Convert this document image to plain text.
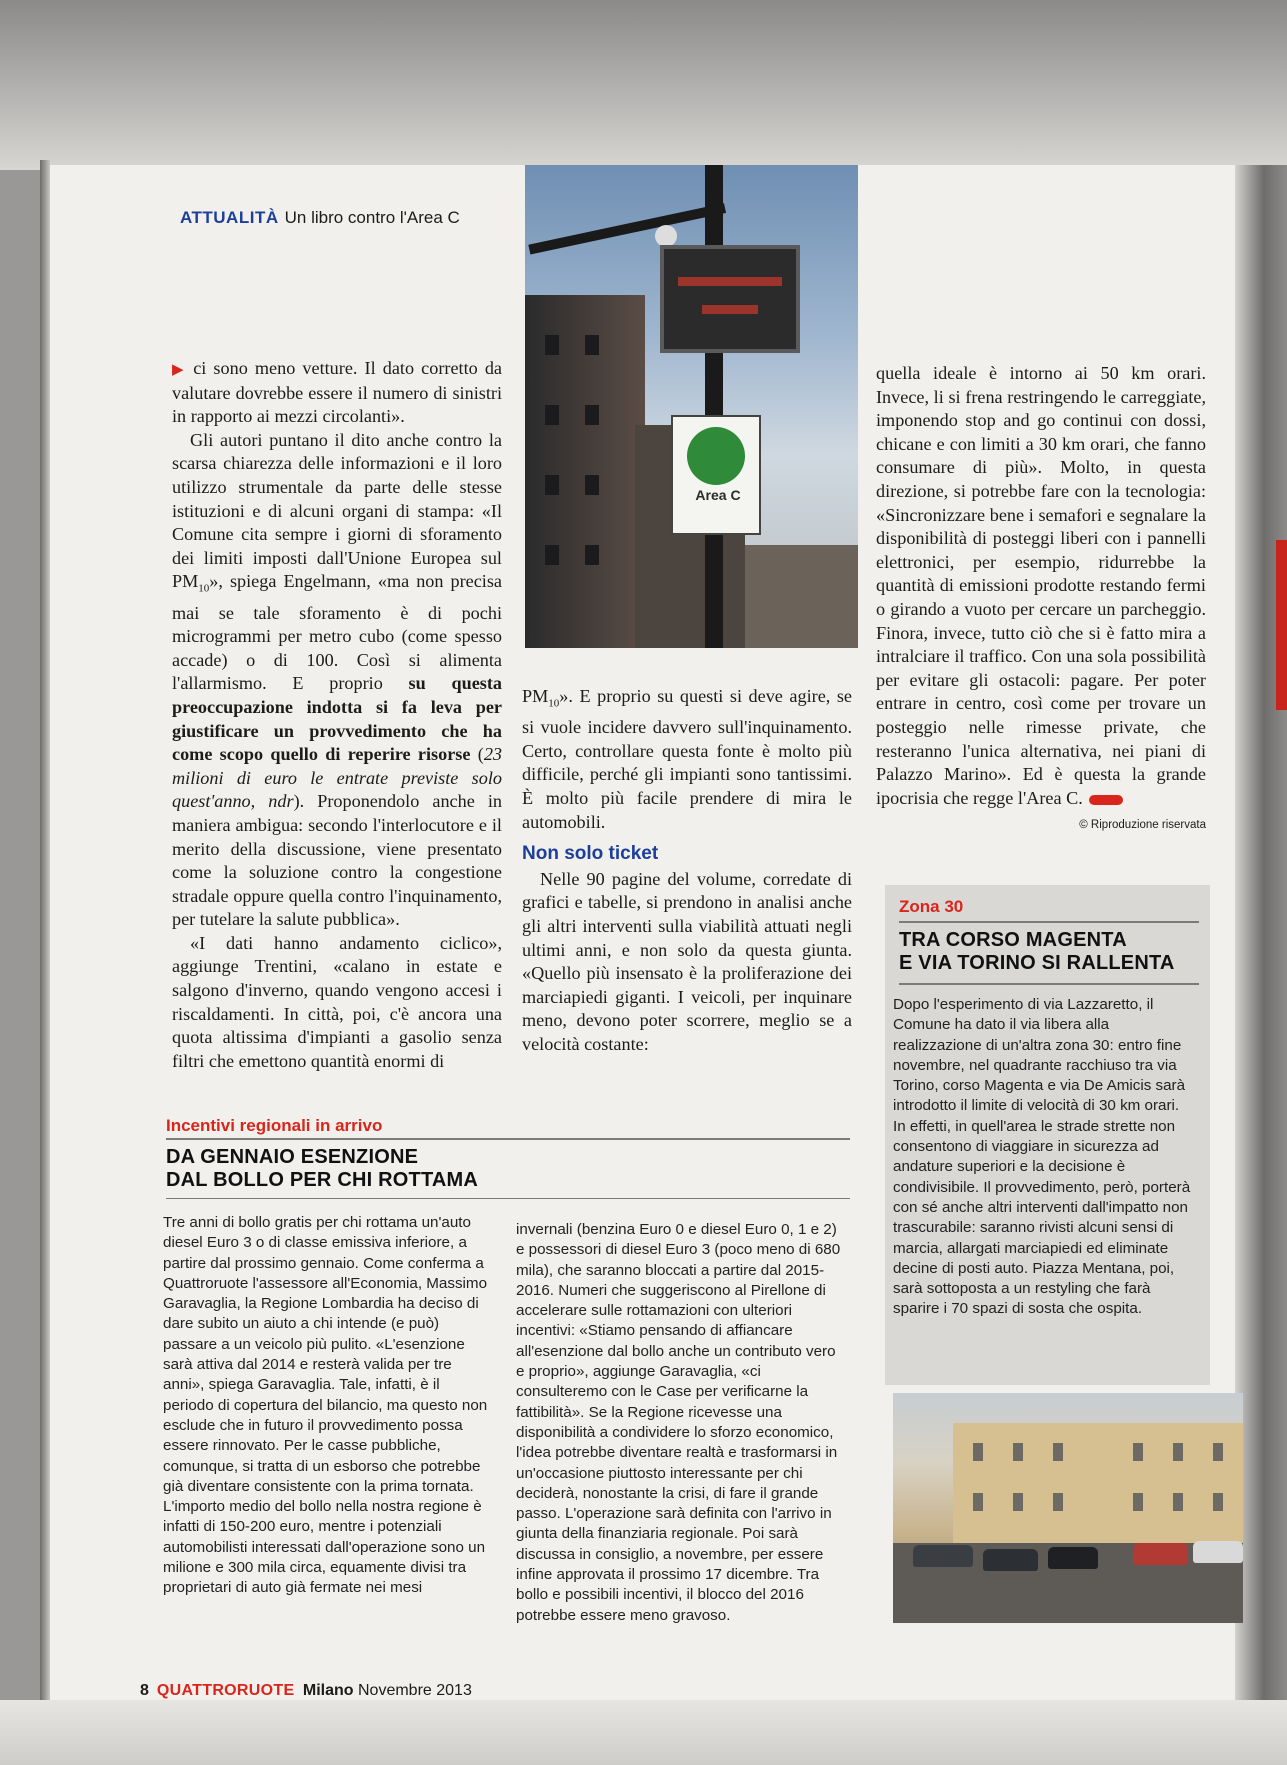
ATTUALITÀ Un libro contro l'Area C
Area C

▶ ci sono meno vetture. Il dato corretto da valutare dovrebbe essere il numero di sinistri in rapporto ai mezzi circolanti».

Gli autori puntano il dito anche contro la scarsa chiarezza delle informazioni e il loro utilizzo strumentale da parte delle stesse istituzioni e di alcuni organi di stampa: «Il Comune cita sempre i giorni di sforamento dei limiti imposti dall'Unione Europea sul $PM_{10}$», spiega Engelmann, «ma non precisa mai se tale sforamento è di pochi microgrammi per metro cubo (come spesso accade) o di 100. Così si alimenta l'allarmismo. E proprio su questa preoccupazione indotta si fa leva per giustificare un provvedimento che ha come scopo quello di reperire risorse (23 milioni di euro le entrate previste solo quest'anno, ndr). Proponendolo anche in maniera ambigua: secondo l'interlocutore e il merito della discussione, viene presentato come la soluzione contro la congestione stradale oppure quella contro l'inquinamento, per tutelare la salute pubblica».

«I dati hanno andamento ciclico», aggiunge Trentini, «calano in estate e salgono d'inverno, quando vengono accesi i riscaldamenti. In città, poi, c'è ancora una quota altissima d'impianti a gasolio senza filtri che emettono quantità enormi di

$PM_{10}$». E proprio su questi si deve agire, se si vuole incidere davvero sull'inquinamento. Certo, controllare questa fonte è molto più difficile, perché gli impianti sono tantissimi. È molto più facile prendere di mira le automobili.

Non solo ticket

Nelle 90 pagine del volume, corredate di grafici e tabelle, si prendono in analisi anche gli altri interventi sulla viabilità attuati negli ultimi anni, e non solo da questa giunta. «Quello più insensato è la proliferazione dei marciapiedi giganti. I veicoli, per inquinare meno, devono poter scorrere, meglio se a velocità costante:

quella ideale è intorno ai 50 km orari. Invece, li si frena restringendo le carreggiate, imponendo stop and go continui con dossi, chicane e con limiti a 30 km orari, che fanno consumare di più». Molto, in questa direzione, si potrebbe fare con la tecnologia: «Sincronizzare bene i semafori e segnalare la disponibilità di posteggi liberi con i pannelli elettronici, per esempio, ridurrebbe la quantità di emissioni prodotte restando fermi o girando a vuoto per cercare un parcheggio. Finora, invece, tutto ciò che si è fatto mira a intralciare il traffico. Con una sola possibilità per evitare gli ostacoli: pagare. Per poter entrare in centro, così come per trovare un posteggio nelle rimesse private, che resteranno l'unica alternativa, nei piani di Palazzo Marino». Ed è questa la grande ipocrisia che regge l'Area C.

© Riproduzione riservata
Zona 30
TRA CORSO MAGENTA
E VIA TORINO SI RALLENTA

Dopo l'esperimento di via Lazzaretto, il Comune ha dato il via libera alla realizzazione di un'altra zona 30: entro fine novembre, nel quadrante racchiuso tra via Torino, corso Magenta e via De Amicis sarà introdotto il limite di velocità di 30 km orari. In effetti, in quell'area le strade strette non consentono di viaggiare in sicurezza ad andature superiori e la decisione è condivisibile. Il provvedimento, però, porterà con sé anche altri interventi dall'impatto non trascurabile: saranno rivisti alcuni sensi di marcia, allargati marciapiedi ed eliminate decine di posti auto. Piazza Mentana, poi, sarà sottoposta a un restyling che farà sparire i 70 spazi di sosta che ospita.

Incentivi regionali in arrivo
DA GENNAIO ESENZIONE
DAL BOLLO PER CHI ROTTAMA

Tre anni di bollo gratis per chi rottama un'auto diesel Euro 3 o di classe emissiva inferiore, a partire dal prossimo gennaio. Come conferma a Quattroruote l'assessore all'Economia, Massimo Garavaglia, la Regione Lombardia ha deciso di dare subito un aiuto a chi intende (e può) passare a un veicolo più pulito. «L'esenzione sarà attiva dal 2014 e resterà valida per tre anni», spiega Garavaglia. Tale, infatti, è il periodo di copertura del bilancio, ma questo non esclude che in futuro il provvedimento possa essere rinnovato. Per le casse pubbliche, comunque, si tratta di un esborso che potrebbe già diventare consistente con la prima tornata. L'importo medio del bollo nella nostra regione è infatti di 150-200 euro, mentre i potenziali automobilisti interessati dall'operazione sono un milione e 300 mila circa, equamente divisi tra proprietari di auto già fermate nei mesi

invernali (benzina Euro 0 e diesel Euro 0, 1 e 2) e possessori di diesel Euro 3 (poco meno di 680 mila), che saranno bloccati a partire dal 2015-2016. Numeri che suggeriscono al Pirellone di accelerare sulle rottamazioni con ulteriori incentivi: «Stiamo pensando di affiancare all'esenzione dal bollo anche un contributo vero e proprio», aggiunge Garavaglia, «ci consulteremo con le Case per verificarne la fattibilità». Se la Regione ricevesse una disponibilità a condividere lo sforzo economico, l'idea potrebbe diventare realtà e trasformarsi in un'occasione piuttosto interessante per chi deciderà, nonostante la crisi, di fare il grande passo. L'operazione sarà definita con l'arrivo in giunta della finanziaria regionale. Poi sarà discussa in consiglio, a novembre, per essere infine approvata il prossimo 17 dicembre. Tra bollo e possibili incentivi, il blocco del 2016 potrebbe essere meno gravoso.

8 QUATTRORUOTE Milano Novembre 2013
